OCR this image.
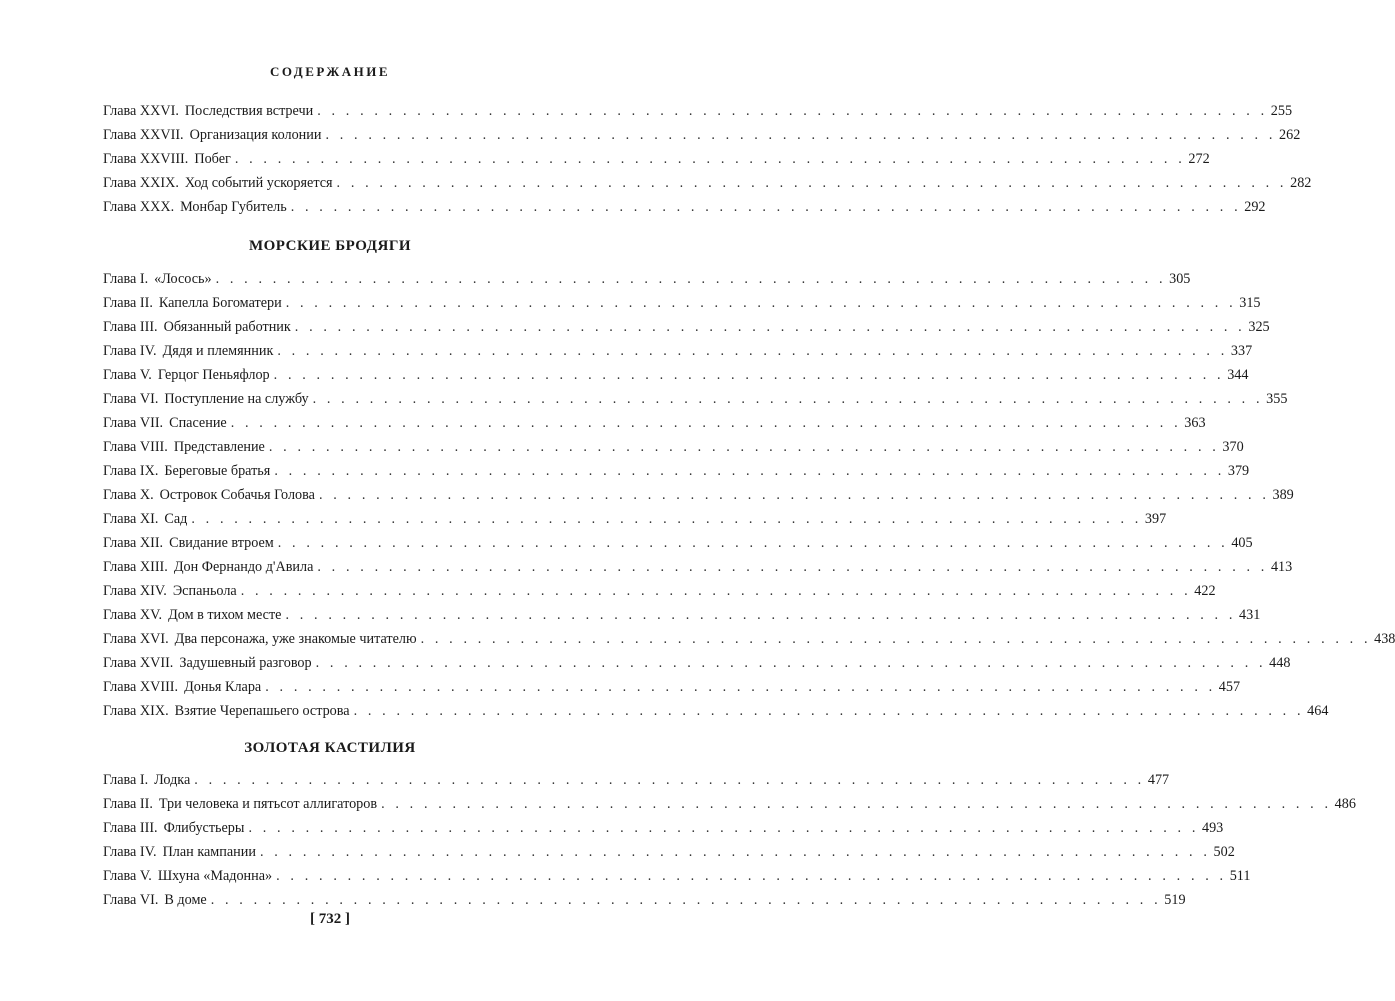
СОДЕРЖАНИЕ
Глава XXVI. Последствия встречи . . . . . . . . . . . . . . . . . . . . . . . . . . . . . . . . . . . . . . . . . . . . . . . . . . . . . . . . . . . . . . . . . . . 255
Глава XXVII. Организация колонии . . . . . . . . . . . . . . . . . . . . . . . . . . . . . . . . . . . . . . . . . . . . . . . . . . . . . . . . . . . . . . . . . . . 262
Глава XXVIII. Побег . . . . . . . . . . . . . . . . . . . . . . . . . . . . . . . . . . . . . . . . . . . . . . . . . . . . . . . . . . . . . . . . . . . 272
Глава XXIX. Ход событий ускоряется . . . . . . . . . . . . . . . . . . . . . . . . . . . . . . . . . . . . . . . . . . . . . . . . . . . . . . . . . . . . . . . . . . . 282
Глава XXX. Монбар Губитель . . . . . . . . . . . . . . . . . . . . . . . . . . . . . . . . . . . . . . . . . . . . . . . . . . . . . . . . . . . . . . . . . . . 292
МОРСКИЕ БРОДЯГИ
Глава I. «Лосось» . . . . . . . . . . . . . . . . . . . . . . . . . . . . . . . . . . . . . . . . . . . . . . . . . . . . . . . . . . . . . . . . . . . 305
Глава II. Капелла Богоматери . . . . . . . . . . . . . . . . . . . . . . . . . . . . . . . . . . . . . . . . . . . . . . . . . . . . . . . . . . . . . . . . . . . 315
Глава III. Обязанный работник . . . . . . . . . . . . . . . . . . . . . . . . . . . . . . . . . . . . . . . . . . . . . . . . . . . . . . . . . . . . . . . . . . . 325
Глава IV. Дядя и племянник . . . . . . . . . . . . . . . . . . . . . . . . . . . . . . . . . . . . . . . . . . . . . . . . . . . . . . . . . . . . . . . . . . . 337
Глава V. Герцог Пеньяфлор . . . . . . . . . . . . . . . . . . . . . . . . . . . . . . . . . . . . . . . . . . . . . . . . . . . . . . . . . . . . . . . . . . . 344
Глава VI. Поступление на службу . . . . . . . . . . . . . . . . . . . . . . . . . . . . . . . . . . . . . . . . . . . . . . . . . . . . . . . . . . . . . . . . . . . 355
Глава VII. Спасение . . . . . . . . . . . . . . . . . . . . . . . . . . . . . . . . . . . . . . . . . . . . . . . . . . . . . . . . . . . . . . . . . . . 363
Глава VIII. Представление . . . . . . . . . . . . . . . . . . . . . . . . . . . . . . . . . . . . . . . . . . . . . . . . . . . . . . . . . . . . . . . . . . . 370
Глава IX. Береговые братья . . . . . . . . . . . . . . . . . . . . . . . . . . . . . . . . . . . . . . . . . . . . . . . . . . . . . . . . . . . . . . . . . . . 379
Глава X. Островок Собачья Голова . . . . . . . . . . . . . . . . . . . . . . . . . . . . . . . . . . . . . . . . . . . . . . . . . . . . . . . . . . . . . . . . . . . 389
Глава XI. Сад . . . . . . . . . . . . . . . . . . . . . . . . . . . . . . . . . . . . . . . . . . . . . . . . . . . . . . . . . . . . . . . . . . . 397
Глава XII. Свидание втроем . . . . . . . . . . . . . . . . . . . . . . . . . . . . . . . . . . . . . . . . . . . . . . . . . . . . . . . . . . . . . . . . . . . 405
Глава XIII. Дон Фернандо д'Авила . . . . . . . . . . . . . . . . . . . . . . . . . . . . . . . . . . . . . . . . . . . . . . . . . . . . . . . . . . . . . . . . . . . 413
Глава XIV. Эспаньола . . . . . . . . . . . . . . . . . . . . . . . . . . . . . . . . . . . . . . . . . . . . . . . . . . . . . . . . . . . . . . . . . . . 422
Глава XV. Дом в тихом месте . . . . . . . . . . . . . . . . . . . . . . . . . . . . . . . . . . . . . . . . . . . . . . . . . . . . . . . . . . . . . . . . . . . 431
Глава XVI. Два персонажа, уже знакомые читателю . . . . . . . . . . . . . . . . . . . . . . . . . . . . . . . . . . . . . . . . . . . . . . . . . . . . . . . . . . . . . . . . . . . 438
Глава XVII. Задушевный разговор . . . . . . . . . . . . . . . . . . . . . . . . . . . . . . . . . . . . . . . . . . . . . . . . . . . . . . . . . . . . . . . . . . . 448
Глава XVIII. Донья Клара . . . . . . . . . . . . . . . . . . . . . . . . . . . . . . . . . . . . . . . . . . . . . . . . . . . . . . . . . . . . . . . . . . . 457
Глава XIX. Взятие Черепашьего острова . . . . . . . . . . . . . . . . . . . . . . . . . . . . . . . . . . . . . . . . . . . . . . . . . . . . . . . . . . . . . . . . . . . 464
ЗОЛОТАЯ КАСТИЛИЯ
Глава I. Лодка . . . . . . . . . . . . . . . . . . . . . . . . . . . . . . . . . . . . . . . . . . . . . . . . . . . . . . . . . . . . . . . . . . . 477
Глава II. Три человека и пятьсот аллигаторов . . . . . . . . . . . . . . . . . . . . . . . . . . . . . . . . . . . . . . . . . . . . . . . . . . . . . . . . . . . . . . . . . . . 486
Глава III. Флибустьеры . . . . . . . . . . . . . . . . . . . . . . . . . . . . . . . . . . . . . . . . . . . . . . . . . . . . . . . . . . . . . . . . . . . 493
Глава IV. План кампании . . . . . . . . . . . . . . . . . . . . . . . . . . . . . . . . . . . . . . . . . . . . . . . . . . . . . . . . . . . . . . . . . . . 502
Глава V. Шхуна «Мадонна» . . . . . . . . . . . . . . . . . . . . . . . . . . . . . . . . . . . . . . . . . . . . . . . . . . . . . . . . . . . . . . . . . . . 511
Глава VI. В доме . . . . . . . . . . . . . . . . . . . . . . . . . . . . . . . . . . . . . . . . . . . . . . . . . . . . . . . . . . . . . . . . . . . 519
[ 732 ]
